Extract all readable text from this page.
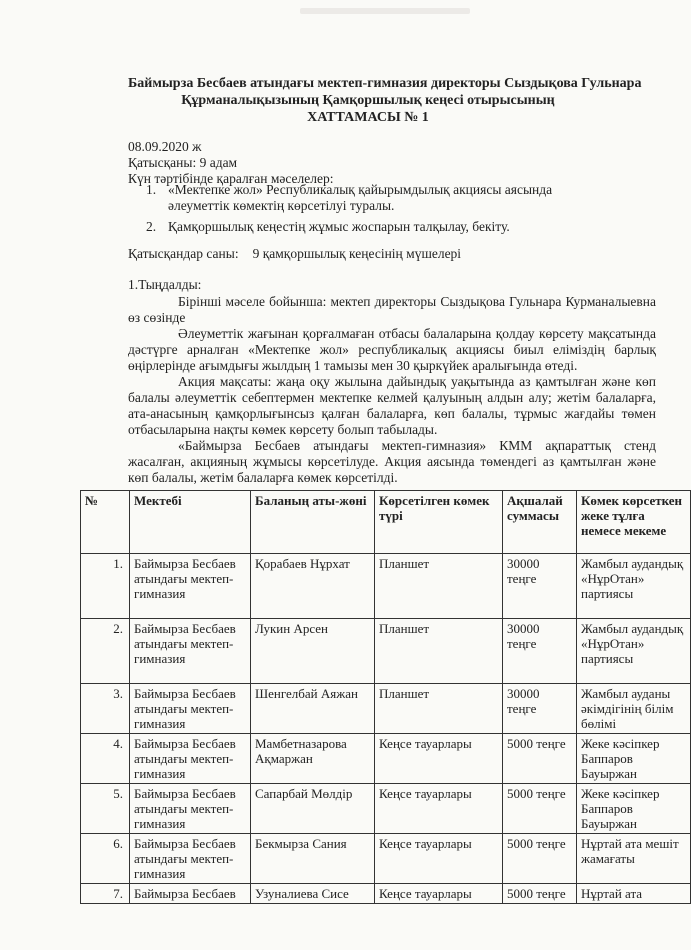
Баймырза Бесбаев атындағы мектеп-гимназия директоры Сыздықова Гульнара
Құрманалықызының Қамқоршылық кеңесі отырысының
ХАТТАМАСЫ № 1
08.09.2020 ж
Қатысқаны: 9 адам
Күн тәртібінде қаралған мәселелер:
1. «Мектепке жол» Республикалық қайырымдылық акциясы аясында әлеуметтік көмектің көрсетілуі туралы.
2. Қамқоршылық кеңестің жұмыс жоспарын талқылау, бекіту.
Қатысқандар саны: 9 қамқоршылық кеңесінің мүшелері
1.Тыңдалды:

Бірінші мәселе бойынша: мектеп директоры Сыздықова Гульнара Курманалыевна өз сөзінде

Әлеуметтік жағынан қорғалмаған отбасы балаларына қолдау көрсету мақсатында дәстүрге арналған «Мектепке жол» республикалық акциясы биыл еліміздің барлық өңірлерінде ағымдығы жылдың 1 тамызы мен 30 қыркүйек аралығында өтеді.

Акция мақсаты: жаңа оқу жылына дайындық уақытында аз қамтылған және көп балалы әлеуметтік себептермен мектепке келмей қалуының алдын алу; жетім балаларға, ата-анасының қамқорлығынсыз қалған балаларға, көп балалы, тұрмыс жағдайы төмен отбасыларына нақты көмек көрсету болып табылады.

«Баймырза Бесбаев атындағы мектеп-гимназия» КММ ақпараттық стенд жасалған, акцияның жұмысы көрсетілуде. Акция аясында төмендегі аз қамтылған және көп балалы, жетім балаларға көмек көрсетілді.

№	Мектебі	Баланың аты-жөні	Көрсетілген көмек түрі	Ақшалай суммасы	Көмек көрсеткен жеке тұлға немесе мекеме
1.	Баймырза Бесбаев атындағы мектеп-гимназия	Қорабаев Нұрхат	Планшет	30000 теңге	Жамбыл аудандық «НұрОтан» партиясы
2.	Баймырза Бесбаев атындағы мектеп-гимназия	Лукин Арсен	Планшет	30000 теңге	Жамбыл аудандық «НұрОтан» партиясы
3.	Баймырза Бесбаев атындағы мектеп-гимназия	Шенгелбай Аяжан	Планшет	30000 теңге	Жамбыл ауданы әкімдігінің білім бөлімі
4.	Баймырза Бесбаев атындағы мектеп-гимназия	Мамбетназарова Ақмаржан	Кеңсе тауарлары	5000 теңге	Жеке кәсіпкер Баппаров Бауыржан
5.	Баймырза Бесбаев атындағы мектеп-гимназия	Сапарбай Мөлдір	Кеңсе тауарлары	5000 теңге	Жеке кәсіпкер Баппаров Бауыржан
6.	Баймырза Бесбаев атындағы мектеп-гимназия	Бекмырза Сания	Кеңсе тауарлары	5000 теңге	Нұртай ата мешіт жамағаты
7.	Баймырза Бесбаев	Узуналиева Сисе	Кеңсе тауарлары	5000 теңге	Нұртай ата
